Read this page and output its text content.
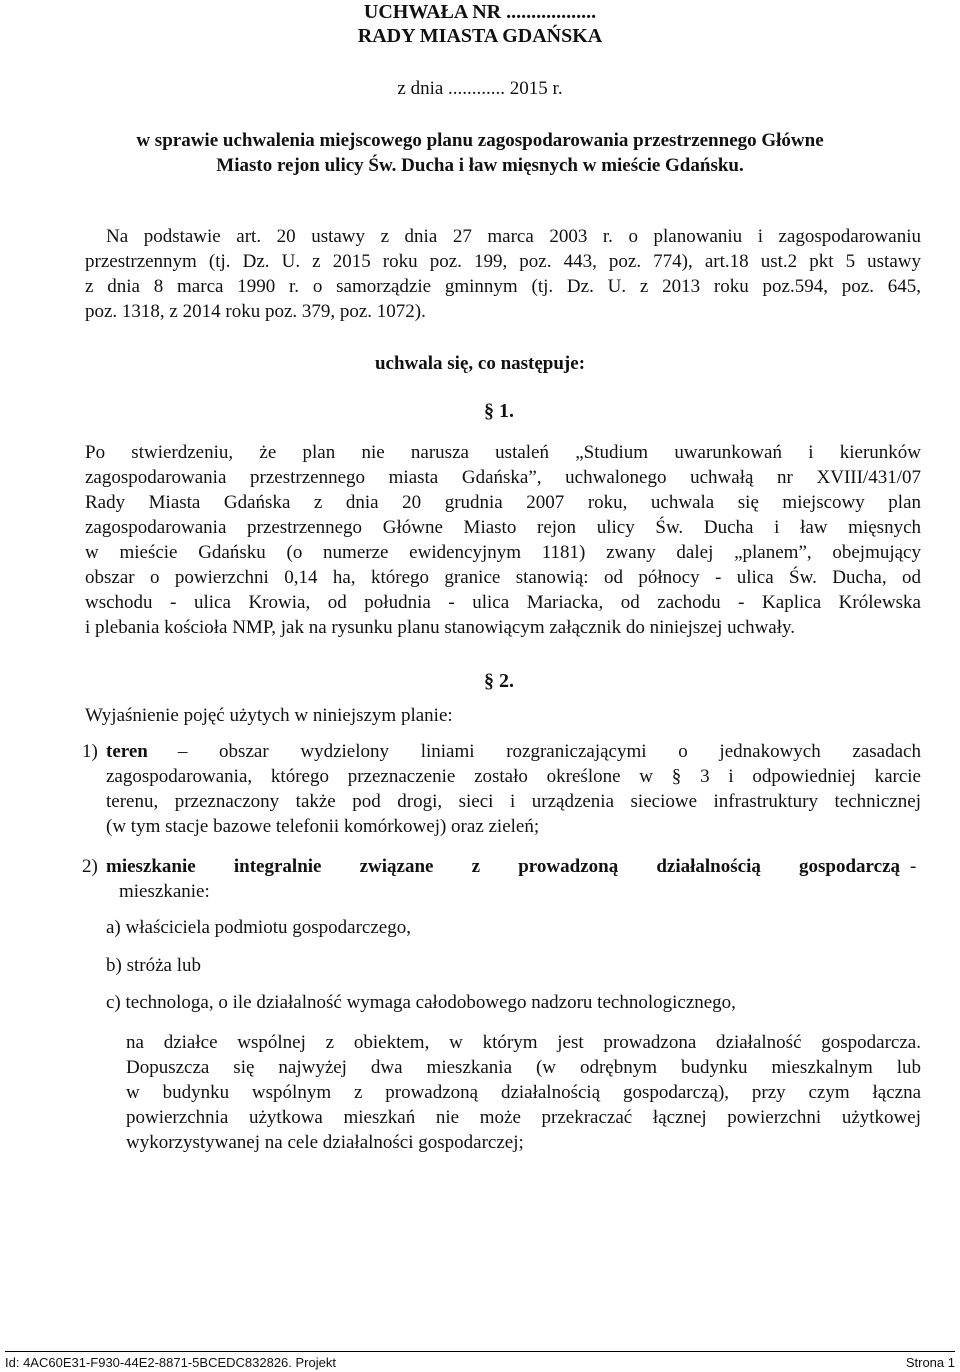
UCHWAŁA NR ..................
RADY MIASTA GDAŃSKA
z dnia ............ 2015 r.
w sprawie uchwalenia miejscowego planu zagospodarowania przestrzennego Główne
Miasto rejon ulicy Św. Ducha i ław mięsnych w mieście Gdańsku.
Na podstawie art. 20 ustawy z dnia 27 marca 2003 r. o planowaniu i zagospodarowaniu
przestrzennym (tj. Dz. U. z 2015 roku poz. 199, poz. 443, poz. 774), art.18 ust.2 pkt 5 ustawy
z dnia 8 marca 1990 r. o samorządzie gminnym (tj. Dz. U. z 2013 roku poz.594, poz. 645,
poz. 1318, z 2014 roku poz. 379, poz. 1072).
uchwala się, co następuje:
§ 1.
Po stwierdzeniu, że plan nie narusza ustaleń „Studium uwarunkowań i kierunków
zagospodarowania przestrzennego miasta Gdańska”, uchwalonego uchwałą nr XVIII/431/07
Rady Miasta Gdańska z dnia 20 grudnia 2007 roku, uchwala się miejscowy plan
zagospodarowania przestrzennego Główne Miasto rejon ulicy Św. Ducha i ław mięsnych
w mieście Gdańsku (o numerze ewidencyjnym 1181) zwany dalej „planem”, obejmujący
obszar o powierzchni 0,14 ha, którego granice stanowią: od północy - ulica Św. Ducha, od
wschodu - ulica Krowia, od południa - ulica Mariacka, od zachodu - Kaplica Królewska
i plebania kościoła NMP, jak na rysunku planu stanowiącym załącznik do niniejszej uchwały.
§ 2.
Wyjaśnienie pojęć użytych w niniejszym planie:
1) teren – obszar wydzielony liniami rozgraniczającymi o jednakowych zasadach
zagospodarowania, którego przeznaczenie zostało określone w § 3 i odpowiedniej karcie
terenu, przeznaczony także pod drogi, sieci i urządzenia sieciowe infrastruktury technicznej
(w tym stacje bazowe telefonii komórkowej) oraz zieleń;
2) mieszkanie integralnie związane z prowadzoną działalnością gospodarczą -
mieszkanie:
a) właściciela podmiotu gospodarczego,
b) stróża lub
c) technologa, o ile działalność wymaga całodobowego nadzoru technologicznego,
na działce wspólnej z obiektem, w którym jest prowadzona działalność gospodarcza.
Dopuszcza się najwyżej dwa mieszkania (w odrębnym budynku mieszkalnym lub
w budynku wspólnym z prowadzoną działalnością gospodarczą), przy czym łączna
powierzchnia użytkowa mieszkań nie może przekraczać łącznej powierzchni użytkowej
wykorzystywanej na cele działalności gospodarczej;
Id: 4AC60E31-F930-44E2-8871-5BCEDC832826. Projekt	Strona 1
